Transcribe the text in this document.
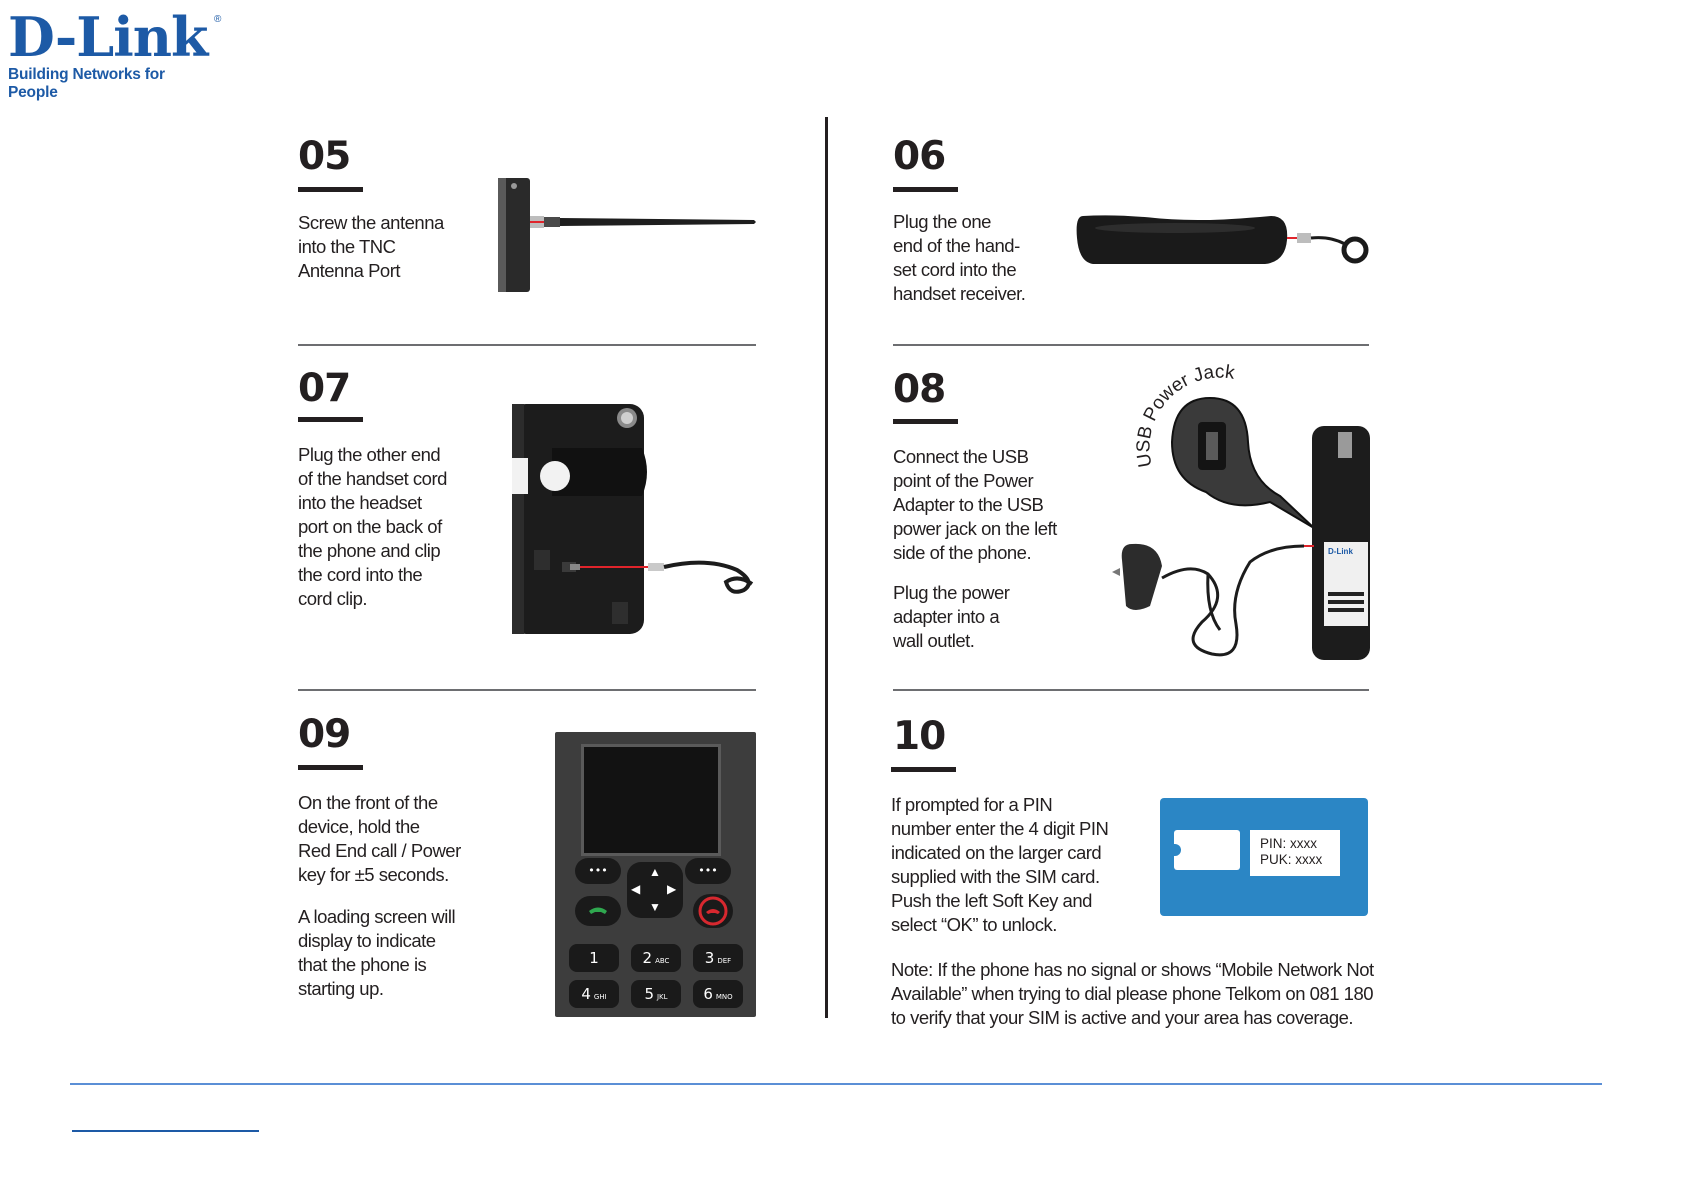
D-Link ®
Building Networks for People
05
Screw the antenna
into the TNC
Antenna Port
06
Plug the one
end of the hand-
set cord into the
handset receiver.
07
Plug the other end
of the handset cord
into the headset
port on the back of
the phone and clip
the cord into the
cord clip.
08
Connect the USB
point of the Power
Adapter to the USB
power jack on the left
side of the phone.
Plug the power
adapter into a
wall outlet.
USB Power Jack
D-Link
09
On the front of the
device, hold the
Red End call / Power
key for ±5 seconds.
A loading screen will
display to indicate
that the phone is
starting up.
•••	•••
▲
▼
◀ ▶
1	2 ABC	3 DEF
4 GHI	5 JKL	6 MNO
10
If prompted for a PIN
number enter the 4 digit PIN
indicated on the larger card
supplied with the SIM card.
Push the left Soft Key and
select “OK” to unlock.
PIN: xxxx
PUK: xxxx
Note: If the phone has no signal or shows “Mobile Network Not
Available” when trying to dial please phone Telkom on 081 180
to verify that your SIM is active and your area has coverage.
